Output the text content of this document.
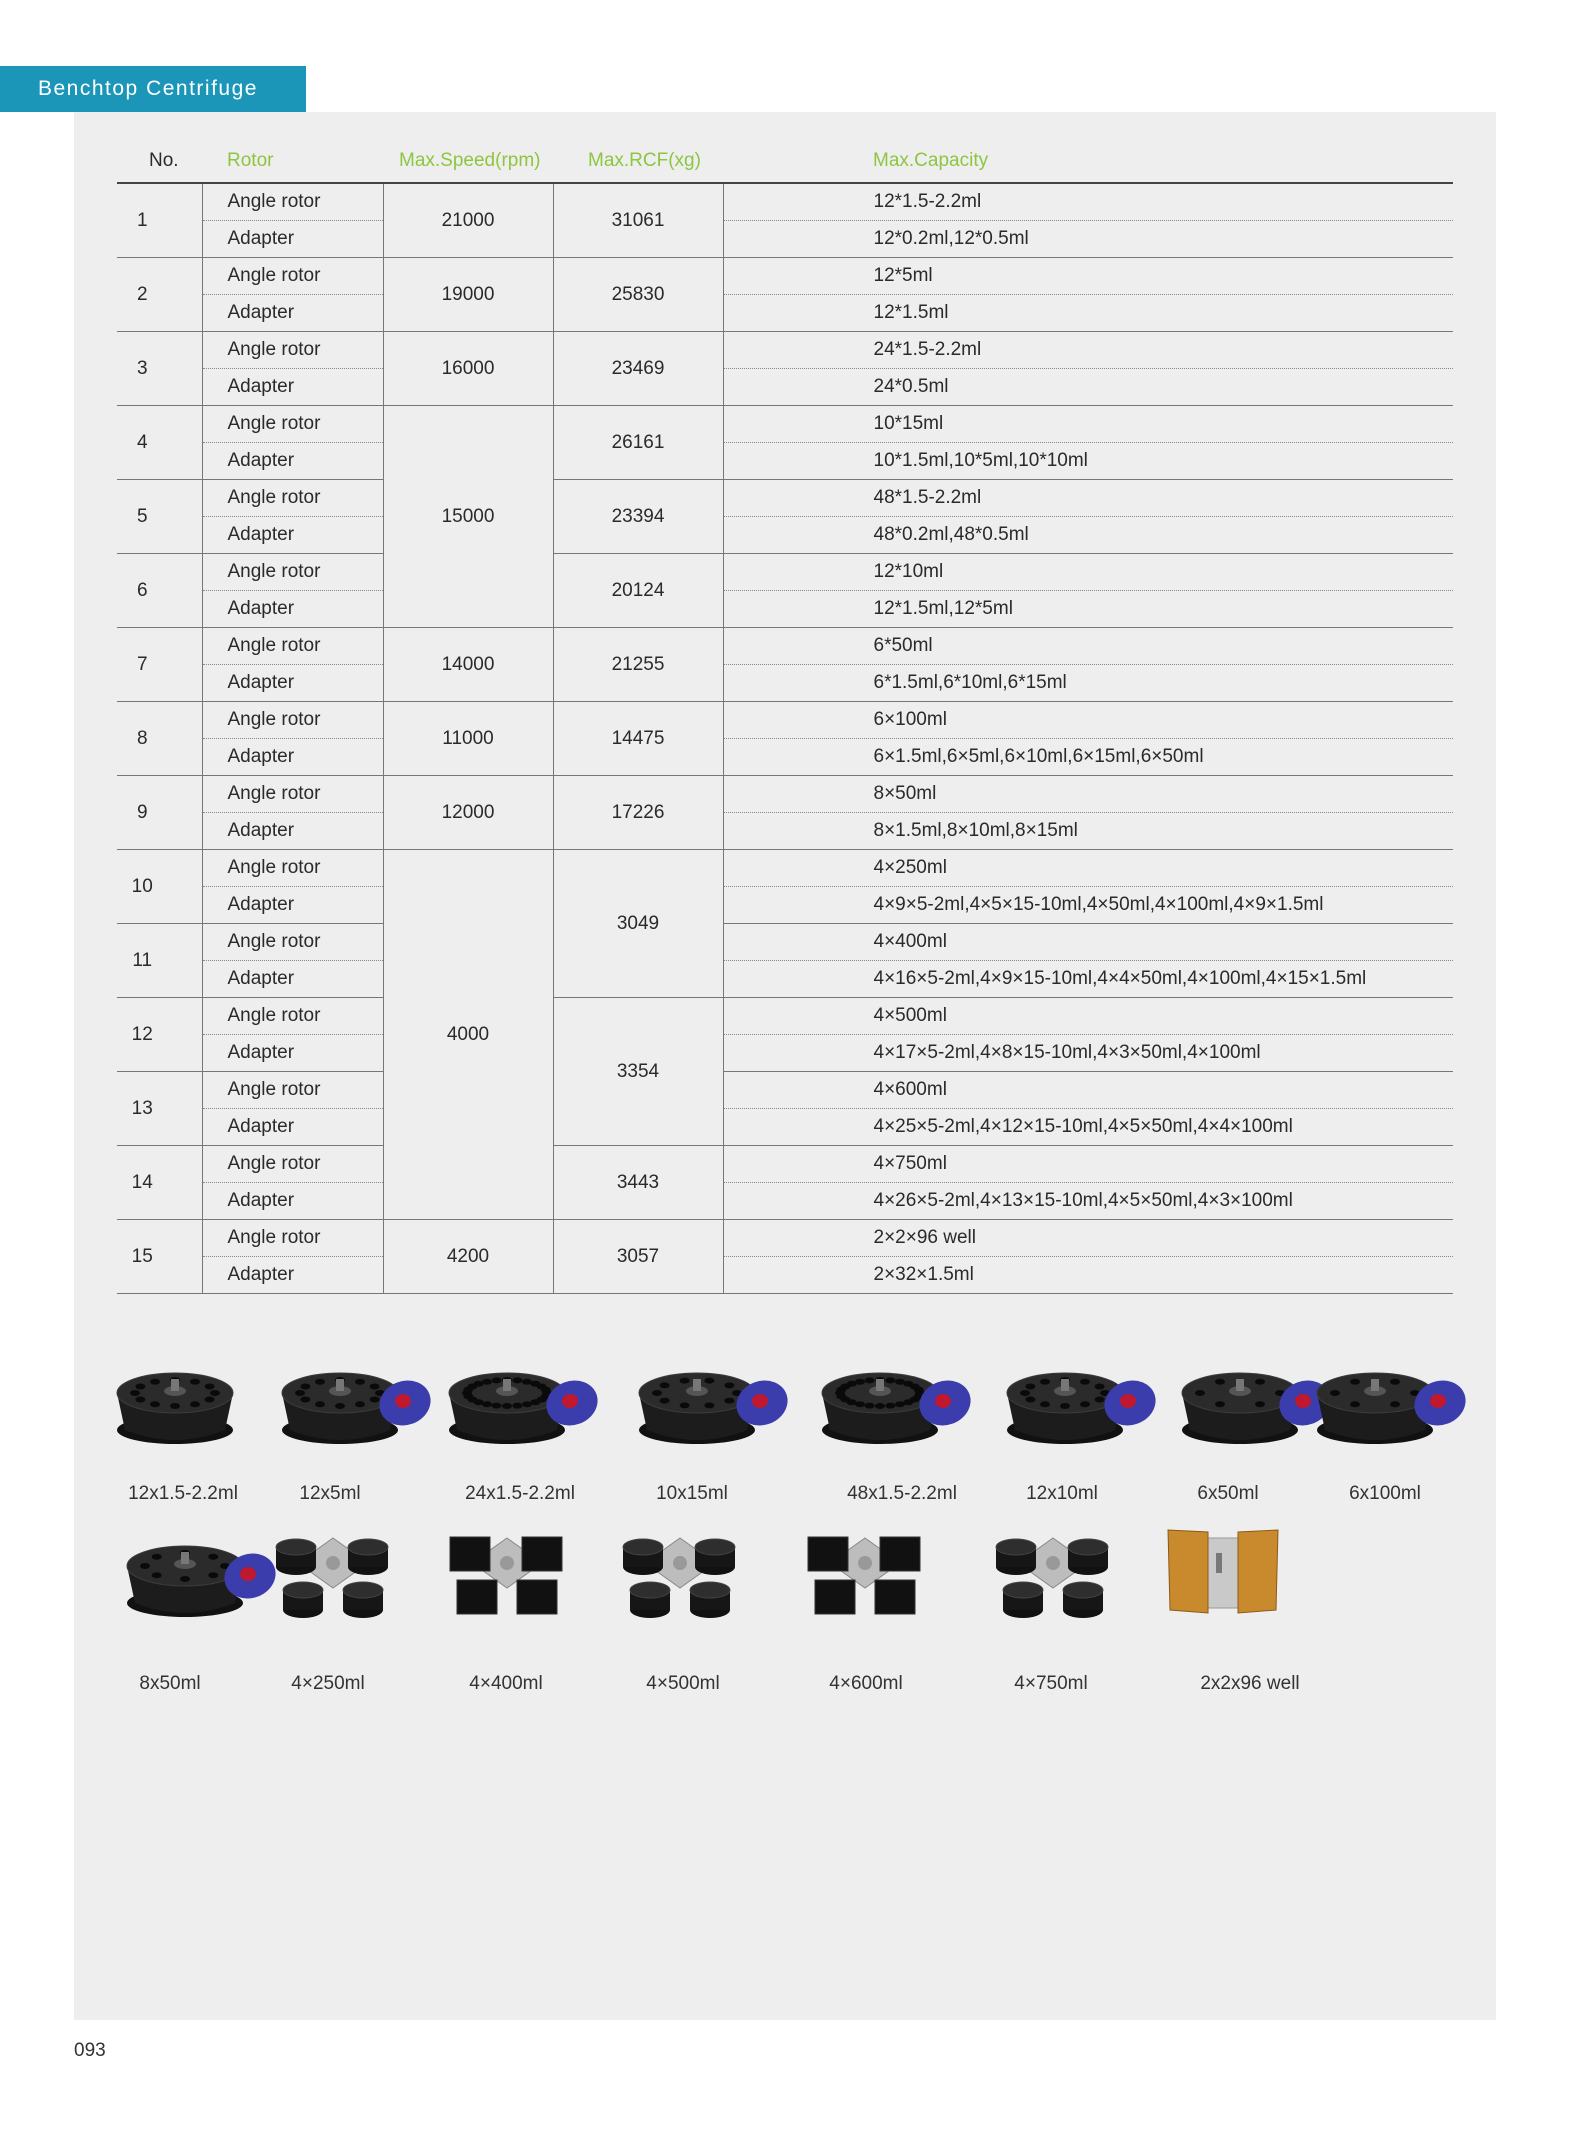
Benchtop Centrifuge
No.	Rotor	Max.Speed(rpm)	Max.RCF(xg)	Max.Capacity
1	Angle rotor	21000	31061	12*1.5-2.2ml
	Adapter			12*0.2ml,12*0.5ml
2	Angle rotor	19000	25830	12*5ml
	Adapter			12*1.5ml
3	Angle rotor	16000	23469	24*1.5-2.2ml
	Adapter			24*0.5ml
4	Angle rotor	15000	26161	10*15ml
	Adapter			10*1.5ml,10*5ml,10*10ml
5	Angle rotor		23394	48*1.5-2.2ml
	Adapter			48*0.2ml,48*0.5ml
6	Angle rotor		20124	12*10ml
	Adapter			12*1.5ml,12*5ml
7	Angle rotor	14000	21255	6*50ml
	Adapter			6*1.5ml,6*10ml,6*15ml
8	Angle rotor	11000	14475	6×100ml
	Adapter			6×1.5ml,6×5ml,6×10ml,6×15ml,6×50ml
9	Angle rotor	12000	17226	8×50ml
	Adapter			8×1.5ml,8×10ml,8×15ml
10	Angle rotor	4000	3049	4×250ml
	Adapter			4×9×5-2ml,4×5×15-10ml,4×50ml,4×100ml,4×9×1.5ml
11	Angle rotor			4×400ml
	Adapter			4×16×5-2ml,4×9×15-10ml,4×4×50ml,4×100ml,4×15×1.5ml
12	Angle rotor		3354	4×500ml
	Adapter			4×17×5-2ml,4×8×15-10ml,4×3×50ml,4×100ml
13	Angle rotor			4×600ml
	Adapter			4×25×5-2ml,4×12×15-10ml,4×5×50ml,4×4×100ml
14	Angle rotor		3443	4×750ml
	Adapter			4×26×5-2ml,4×13×15-10ml,4×5×50ml,4×3×100ml
15	Angle rotor	4200	3057	2×2×96 well
	Adapter			2×32×1.5ml
12x1.5-2.2ml	12x5ml	24x1.5-2.2ml	10x15ml	48x1.5-2.2ml	12x10ml	6x50ml	6x100ml
8x50ml	4×250ml	4×400ml	4×500ml	4×600ml	4×750ml	2x2x96 well
093
